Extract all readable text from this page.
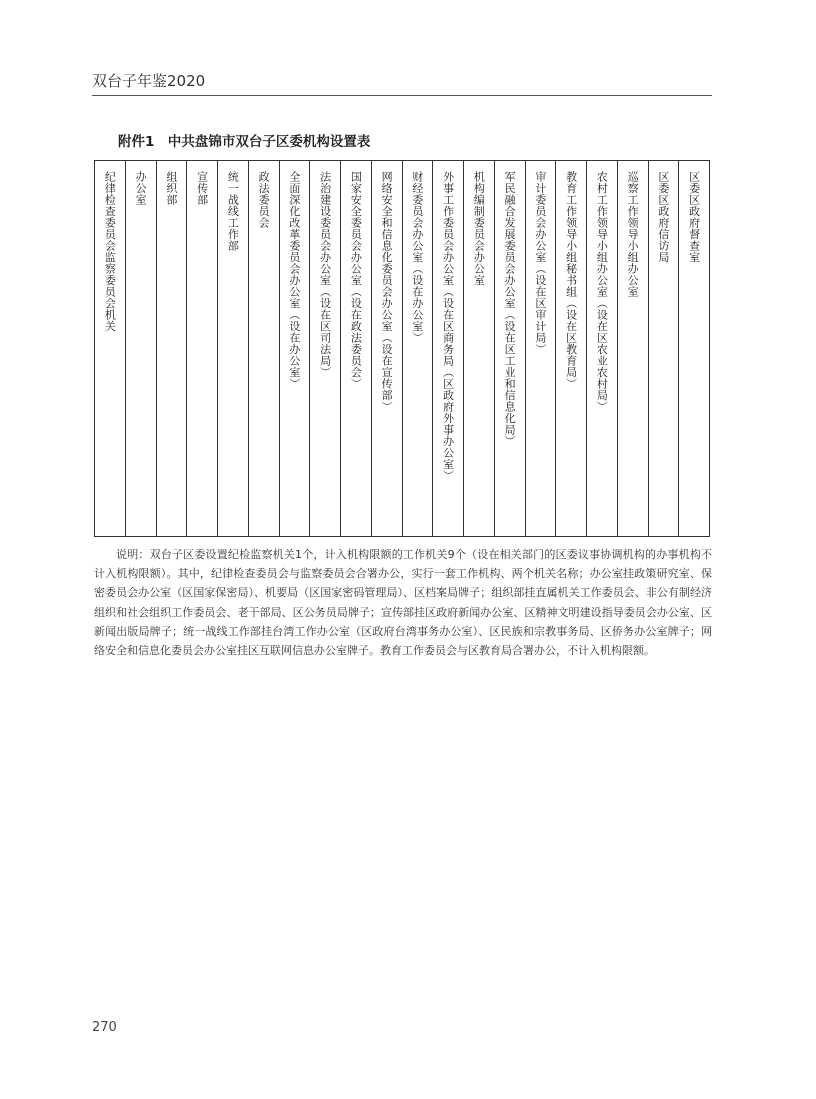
双台子年鉴2020
附件1　中共盘锦市双台子区委机构设置表
纪律检查委员会监察委员会机关 办公室 组织部 宣传部 统一战线工作部 政法委员会 全面深化改革委员会办公室（设在办公室） 法治建设委员会办公室（设在区司法局） 国家安全委员会办公室（设在政法委员会） 网络安全和信息化委员会办公室（设在宣传部） 财经委员会办公室（设在办公室） 外事工作委员会办公室（设在区商务局（区政府外事办公室） 机构编制委员会办公室 军民融合发展委员会办公室（设在区工业和信息化局） 审计委员会办公室（设在区审计局） 教育工作领导小组秘书组（设在区教育局） 农村工作领导小组办公室（设在区农业农村局） 巡察工作领导小组办公室 区委区政府信访局 区委区政府督查室
说明：双台子区委设置纪检监察机关1个，计入机构限额的工作机关9个（设在相关部门的区委议事协调机构的办事机构不计入机构限额）。其中，纪律检查委员会与监察委员会合署办公，实行一套工作机构、两个机关名称；办公室挂政策研究室、保密委员会办公室（区国家保密局）、机要局（区国家密码管理局）、区档案局牌子；组织部挂直属机关工作委员会、非公有制经济组织和社会组织工作委员会、老干部局、区公务员局牌子；宣传部挂区政府新闻办公室、区精神文明建设指导委员会办公室、区新闻出版局牌子；统一战线工作部挂台湾工作办公室（区政府台湾事务办公室）、区民族和宗教事务局、区侨务办公室牌子；网络安全和信息化委员会办公室挂区互联网信息办公室牌子。教育工作委员会与区教育局合署办公，不计入机构限额。
270
